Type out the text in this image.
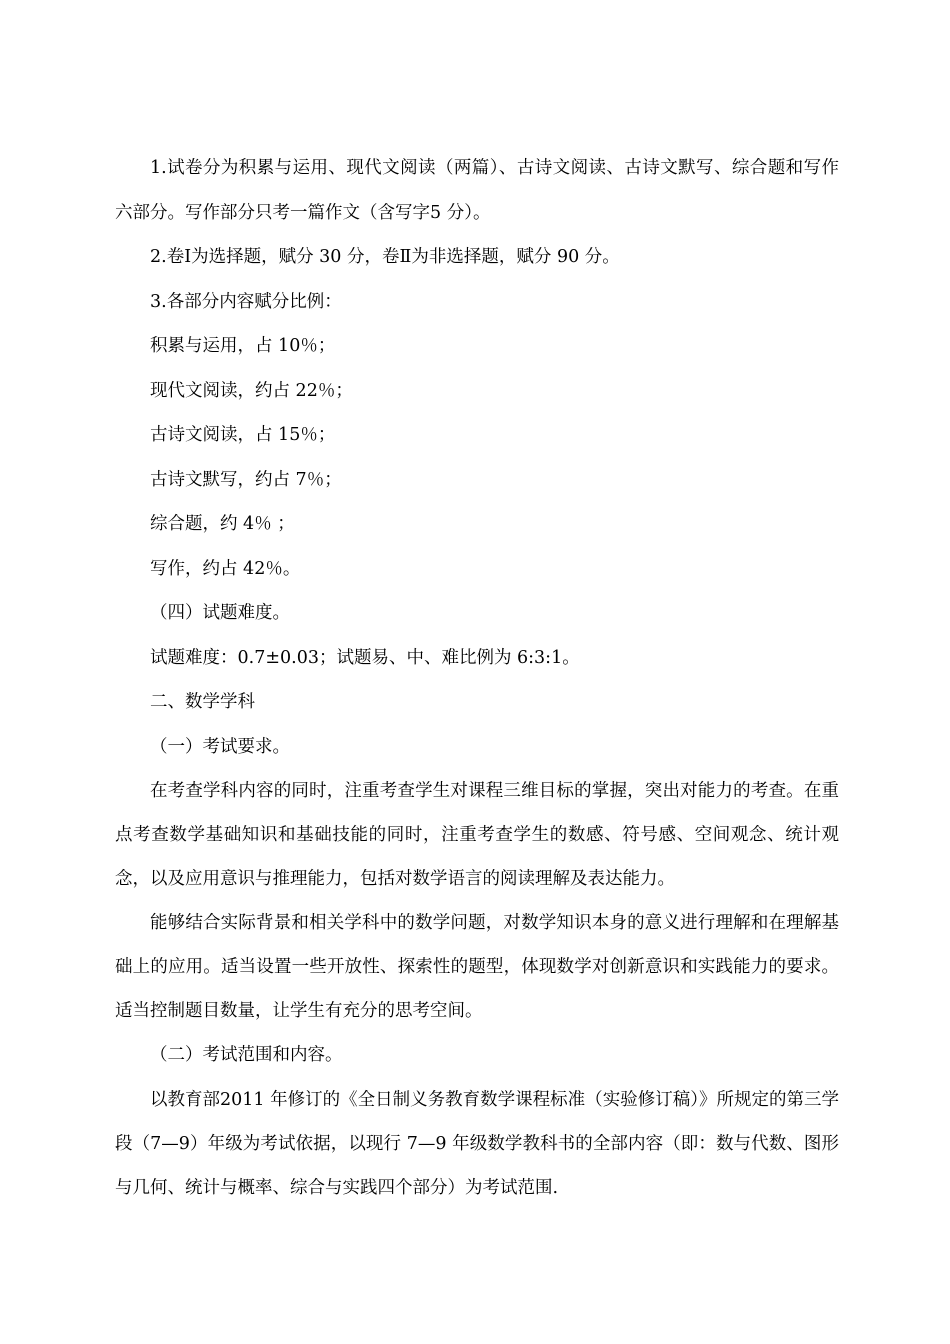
1.试卷分为积累与运用、现代文阅读（两篇）、古诗文阅读、古诗文默写、综合题和写作六部分。写作部分只考一篇作文（含写字5 分）。

2.卷Ⅰ为选择题，赋分 30 分，卷Ⅱ为非选择题，赋分 90 分。

3.各部分内容赋分比例：

积累与运用，占 10％；

现代文阅读，约占 22％；

古诗文阅读，占 15％；

古诗文默写，约占 7％；

综合题，约 4％ ；

写作，约占 42％。

（四）试题难度。

试题难度：0.7±0.03；试题易、中、难比例为 6:3:1。

二、数学学科

（一）考试要求。

在考查学科内容的同时，注重考查学生对课程三维目标的掌握，突出对能力的考查。在重点考查数学基础知识和基础技能的同时，注重考查学生的数感、符号感、空间观念、统计观念，以及应用意识与推理能力，包括对数学语言的阅读理解及表达能力。

能够结合实际背景和相关学科中的数学问题，对数学知识本身的意义进行理解和在理解基础上的应用。适当设置一些开放性、探索性的题型，体现数学对创新意识和实践能力的要求。适当控制题目数量，让学生有充分的思考空间。

（二）考试范围和内容。

以教育部2011 年修订的《全日制义务教育数学课程标准（实验修订稿）》所规定的第三学段（7—9）年级为考试依据，以现行 7—9 年级数学教科书的全部内容（即：数与代数、图形与几何、统计与概率、综合与实践四个部分）为考试范围.
